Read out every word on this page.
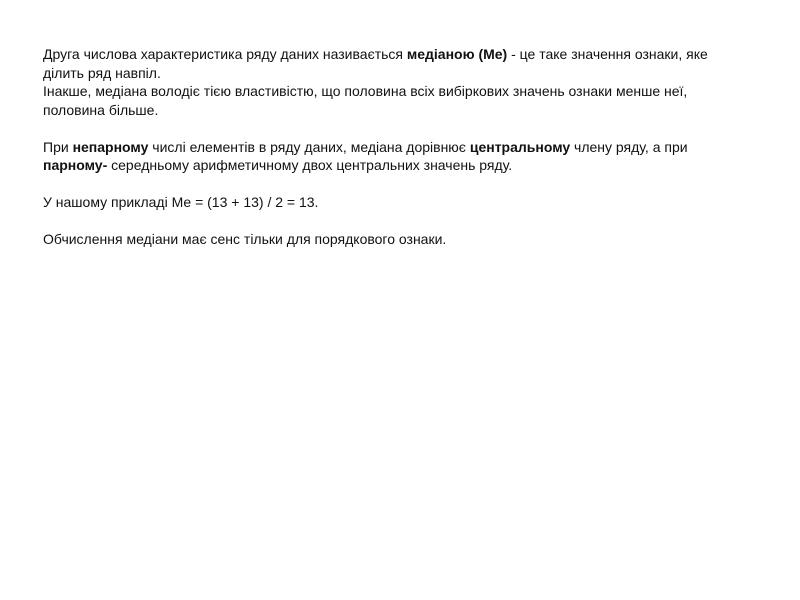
Друга числова характеристика ряду даних називається медіаною (Ме) - це таке значення ознаки, яке ділить ряд навпіл.

Інакше, медіана володіє тією властивістю, що половина всіх вибіркових значень ознаки менше неї, половина більше.

При непарному числі елементів в ряду даних, медіана дорівнює центральному члену ряду, а при парному- середньому арифметичному двох центральних значень ряду.

У нашому прикладі Ме = (13 + 13) / 2 = 13.

Обчислення медіани має сенс тільки для порядкового ознаки.
